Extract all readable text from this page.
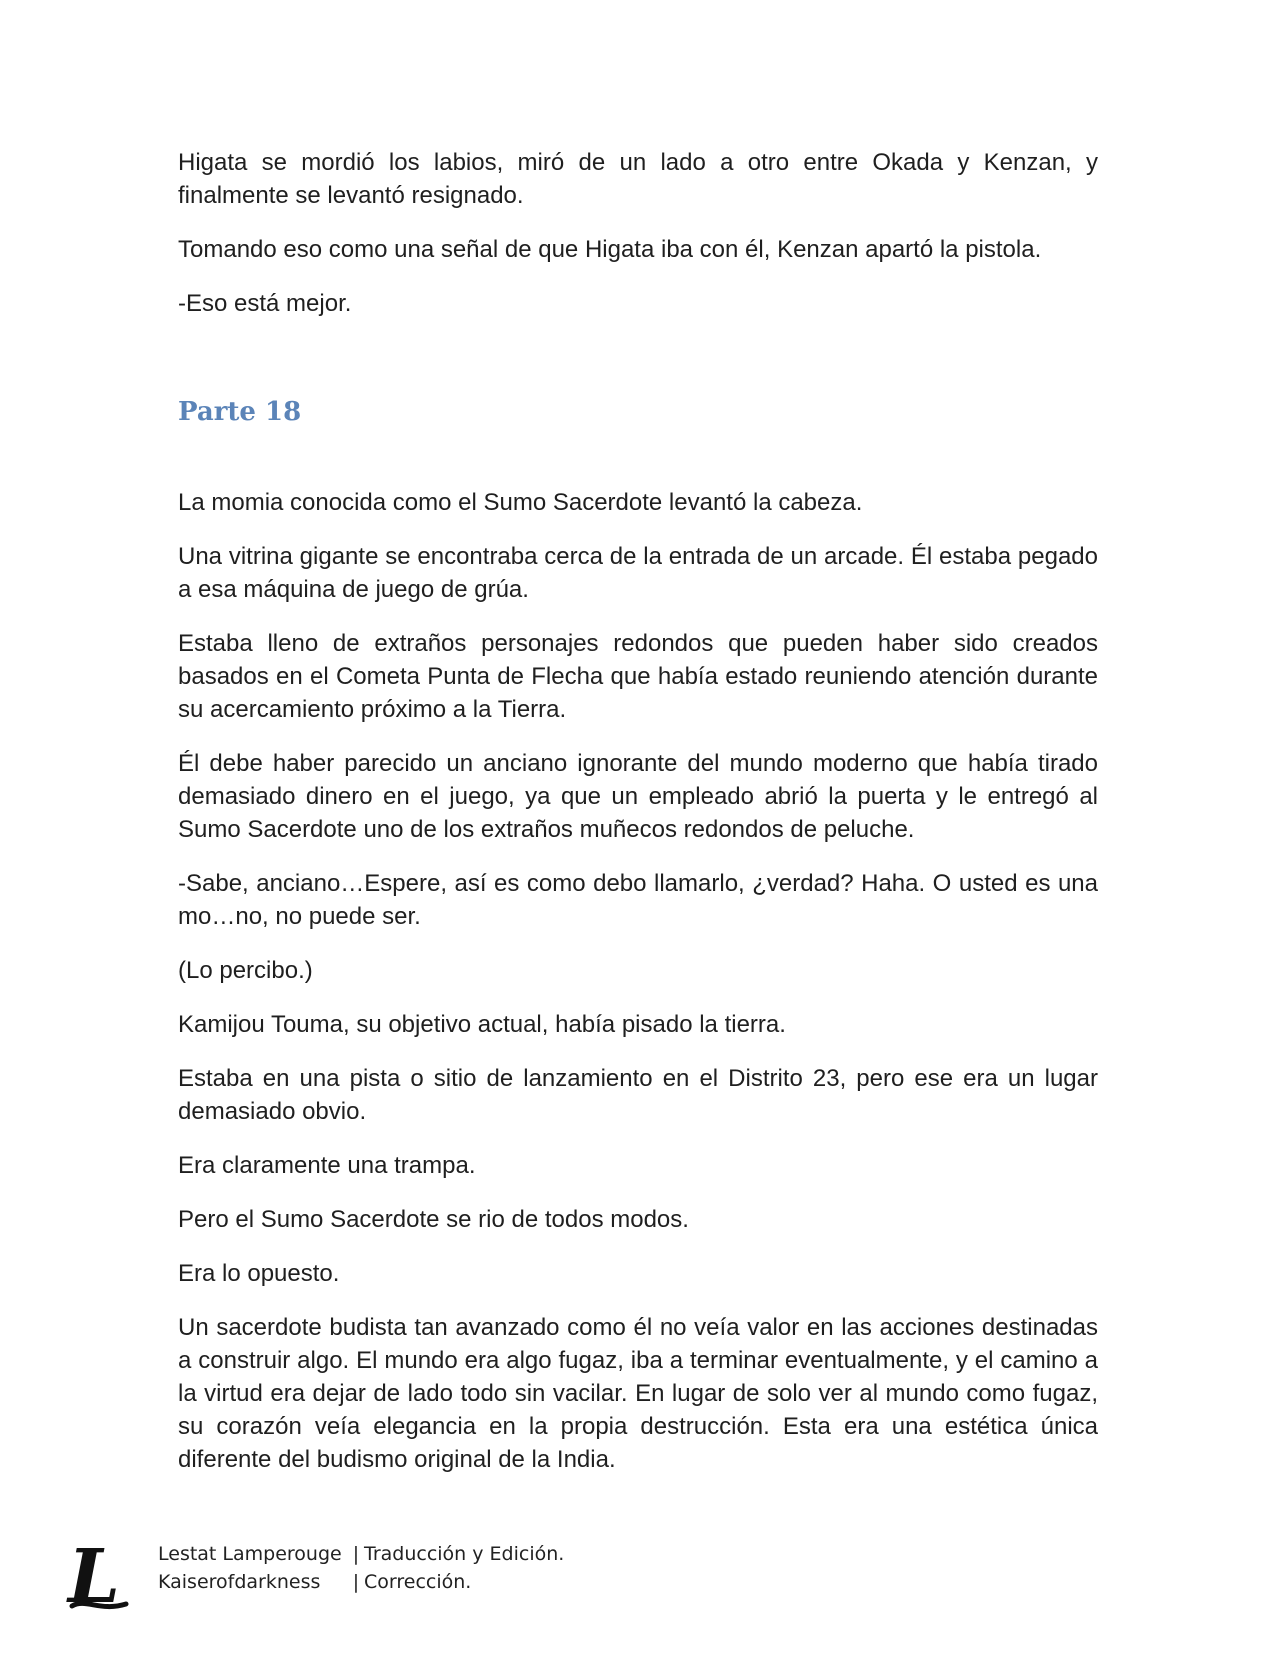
Higata se mordió los labios, miró de un lado a otro entre Okada y Kenzan, y finalmente se levantó resignado.

Tomando eso como una señal de que Higata iba con él, Kenzan apartó la pistola.

-Eso está mejor.

Parte 18

La momia conocida como el Sumo Sacerdote levantó la cabeza.

Una vitrina gigante se encontraba cerca de la entrada de un arcade. Él estaba pegado a esa máquina de juego de grúa.

Estaba lleno de extraños personajes redondos que pueden haber sido creados basados en el Cometa Punta de Flecha que había estado reuniendo atención durante su acercamiento próximo a la Tierra.

Él debe haber parecido un anciano ignorante del mundo moderno que había tirado demasiado dinero en el juego, ya que un empleado abrió la puerta y le entregó al Sumo Sacerdote uno de los extraños muñecos redondos de peluche.

-Sabe, anciano…Espere, así es como debo llamarlo, ¿verdad? Haha. O usted es una mo…no, no puede ser.

(Lo percibo.)

Kamijou Touma, su objetivo actual, había pisado la tierra.

Estaba en una pista o sitio de lanzamiento en el Distrito 23, pero ese era un lugar demasiado obvio.

Era claramente una trampa.

Pero el Sumo Sacerdote se rio de todos modos.

Era lo opuesto.

Un sacerdote budista tan avanzado como él no veía valor en las acciones destinadas a construir algo. El mundo era algo fugaz, iba a terminar eventualmente, y el camino a la virtud era dejar de lado todo sin vacilar. En lugar de solo ver al mundo como fugaz, su corazón veía elegancia en la propia destrucción. Esta era una estética única diferente del budismo original de la India.

L Lestat Lamperouge | Traducción y Edición.
Kaiserofdarkness	| Corrección.
